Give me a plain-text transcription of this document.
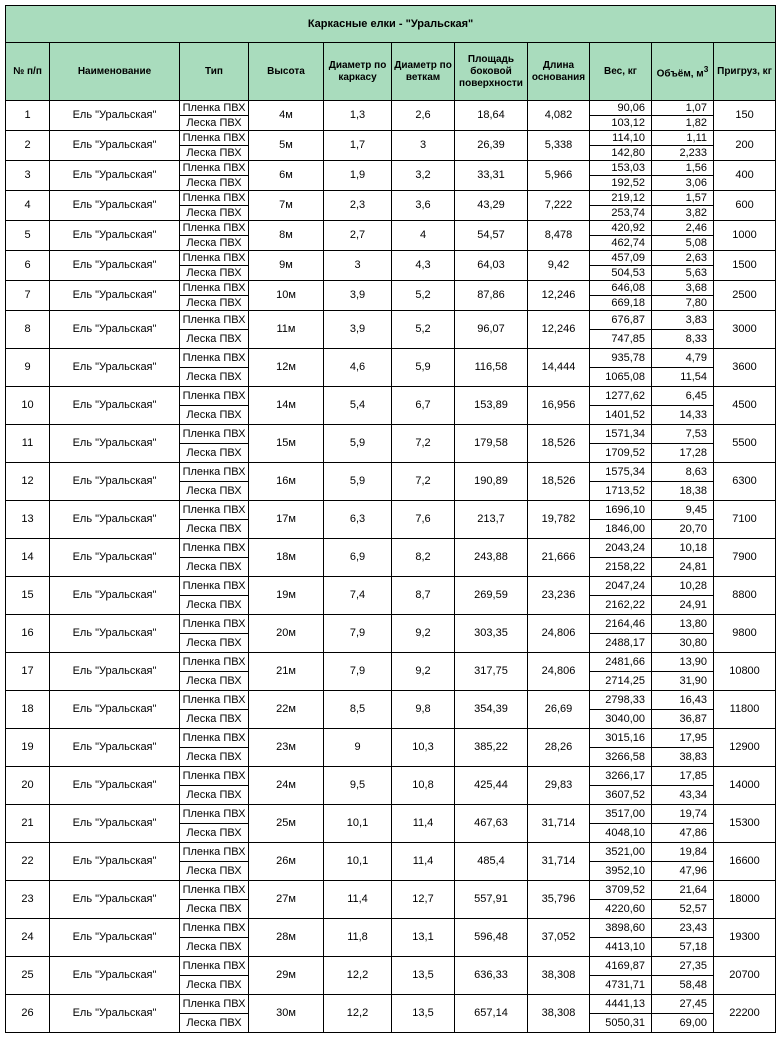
Каркасные елки - "Уральская"										
№ п/п	Наименование	Тип	Высота	Диаметр по каркасу	Диаметр по веткам	Площадь боковой поверхности	Длина основания	Вес, кг	Объём, $м^3$	Пригруз, кг
1	Ель "Уральская"	Пленка ПВХ	4м	1,3	2,6	18,64	4,082	90,06	1,07	150
		Леска ПВХ						103,12	1,82	
2	Ель "Уральская"	Пленка ПВХ	5м	1,7	3	26,39	5,338	114,10	1,11	200
		Леска ПВХ						142,80	2,233	
3	Ель "Уральская"	Пленка ПВХ	6м	1,9	3,2	33,31	5,966	153,03	1,56	400
		Леска ПВХ						192,52	3,06	
4	Ель "Уральская"	Пленка ПВХ	7м	2,3	3,6	43,29	7,222	219,12	1,57	600
		Леска ПВХ						253,74	3,82	
5	Ель "Уральская"	Пленка ПВХ	8м	2,7	4	54,57	8,478	420,92	2,46	1000
		Леска ПВХ						462,74	5,08	
6	Ель "Уральская"	Пленка ПВХ	9м	3	4,3	64,03	9,42	457,09	2,63	1500
		Леска ПВХ						504,53	5,63	
7	Ель "Уральская"	Пленка ПВХ	10м	3,9	5,2	87,86	12,246	646,08	3,68	2500
		Леска ПВХ						669,18	7,80	
8	Ель "Уральская"	Пленка ПВХ	11м	3,9	5,2	96,07	12,246	676,87	3,83	3000
		Леска ПВХ						747,85	8,33	
9	Ель "Уральская"	Пленка ПВХ	12м	4,6	5,9	116,58	14,444	935,78	4,79	3600
		Леска ПВХ						1065,08	11,54	
10	Ель "Уральская"	Пленка ПВХ	14м	5,4	6,7	153,89	16,956	1277,62	6,45	4500
		Леска ПВХ						1401,52	14,33	
11	Ель "Уральская"	Пленка ПВХ	15м	5,9	7,2	179,58	18,526	1571,34	7,53	5500
		Леска ПВХ						1709,52	17,28	
12	Ель "Уральская"	Пленка ПВХ	16м	5,9	7,2	190,89	18,526	1575,34	8,63	6300
		Леска ПВХ						1713,52	18,38	
13	Ель "Уральская"	Пленка ПВХ	17м	6,3	7,6	213,7	19,782	1696,10	9,45	7100
		Леска ПВХ						1846,00	20,70	
14	Ель "Уральская"	Пленка ПВХ	18м	6,9	8,2	243,88	21,666	2043,24	10,18	7900
		Леска ПВХ						2158,22	24,81	
15	Ель "Уральская"	Пленка ПВХ	19м	7,4	8,7	269,59	23,236	2047,24	10,28	8800
		Леска ПВХ						2162,22	24,91	
16	Ель "Уральская"	Пленка ПВХ	20м	7,9	9,2	303,35	24,806	2164,46	13,80	9800
		Леска ПВХ						2488,17	30,80	
17	Ель "Уральская"	Пленка ПВХ	21м	7,9	9,2	317,75	24,806	2481,66	13,90	10800
		Леска ПВХ						2714,25	31,90	
18	Ель "Уральская"	Пленка ПВХ	22м	8,5	9,8	354,39	26,69	2798,33	16,43	11800
		Леска ПВХ						3040,00	36,87	
19	Ель "Уральская"	Пленка ПВХ	23м	9	10,3	385,22	28,26	3015,16	17,95	12900
		Леска ПВХ						3266,58	38,83	
20	Ель "Уральская"	Пленка ПВХ	24м	9,5	10,8	425,44	29,83	3266,17	17,85	14000
		Леска ПВХ						3607,52	43,34	
21	Ель "Уральская"	Пленка ПВХ	25м	10,1	11,4	467,63	31,714	3517,00	19,74	15300
		Леска ПВХ						4048,10	47,86	
22	Ель "Уральская"	Пленка ПВХ	26м	10,1	11,4	485,4	31,714	3521,00	19,84	16600
		Леска ПВХ						3952,10	47,96	
23	Ель "Уральская"	Пленка ПВХ	27м	11,4	12,7	557,91	35,796	3709,52	21,64	18000
		Леска ПВХ						4220,60	52,57	
24	Ель "Уральская"	Пленка ПВХ	28м	11,8	13,1	596,48	37,052	3898,60	23,43	19300
		Леска ПВХ						4413,10	57,18	
25	Ель "Уральская"	Пленка ПВХ	29м	12,2	13,5	636,33	38,308	4169,87	27,35	20700
		Леска ПВХ						4731,71	58,48	
26	Ель "Уральская"	Пленка ПВХ	30м	12,2	13,5	657,14	38,308	4441,13	27,45	22200
		Леска ПВХ						5050,31	69,00	
